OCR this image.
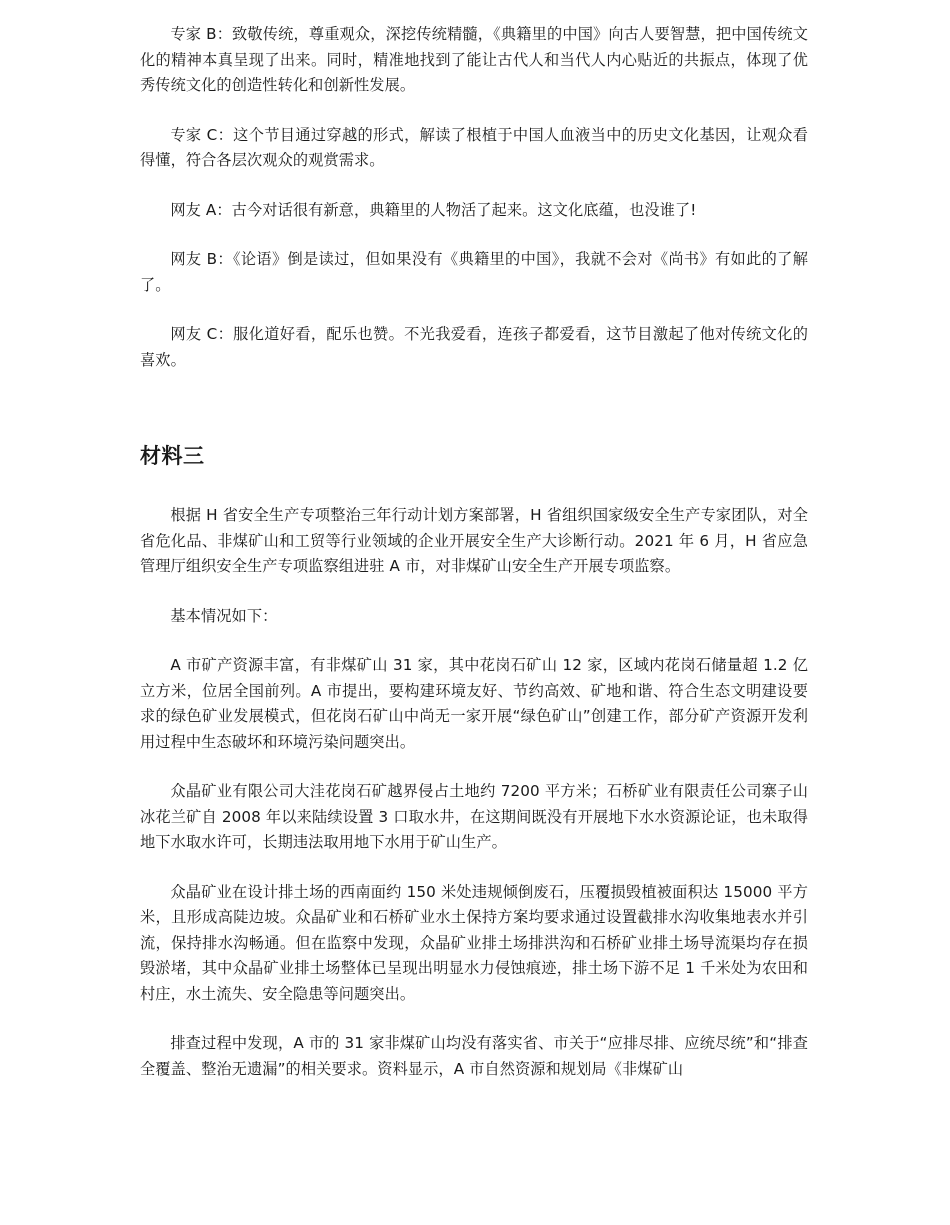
专家 B：致敬传统，尊重观众，深挖传统精髓，《典籍里的中国》向古人要智慧，把中国传统文化的精神本真呈现了出来。同时，精准地找到了能让古代人和当代人内心贴近的共振点，体现了优秀传统文化的创造性转化和创新性发展。

专家 C：这个节目通过穿越的形式，解读了根植于中国人血液当中的历史文化基因，让观众看得懂，符合各层次观众的观赏需求。

网友 A：古今对话很有新意，典籍里的人物活了起来。这文化底蕴，也没谁了!

网友 B：《论语》倒是读过，但如果没有《典籍里的中国》，我就不会对《尚书》有如此的了解了。

网友 C：服化道好看，配乐也赞。不光我爱看，连孩子都爱看，这节目激起了他对传统文化的喜欢。

材料三

根据 H 省安全生产专项整治三年行动计划方案部署，H 省组织国家级安全生产专家团队，对全省危化品、非煤矿山和工贸等行业领域的企业开展安全生产大诊断行动。2021 年 6 月，H 省应急管理厅组织安全生产专项监察组进驻 A 市，对非煤矿山安全生产开展专项监察。

基本情况如下：

A 市矿产资源丰富，有非煤矿山 31 家，其中花岗石矿山 12 家，区域内花岗石储量超 1.2 亿立方米，位居全国前列。A 市提出，要构建环境友好、节约高效、矿地和谐、符合生态文明建设要求的绿色矿业发展模式，但花岗石矿山中尚无一家开展“绿色矿山”创建工作，部分矿产资源开发利用过程中生态破坏和环境污染问题突出。

众晶矿业有限公司大洼花岗石矿越界侵占土地约 7200 平方米；石桥矿业有限责任公司寨子山冰花兰矿自 2008 年以来陆续设置 3 口取水井，在这期间既没有开展地下水水资源论证，也未取得地下水取水许可，长期违法取用地下水用于矿山生产。

众晶矿业在设计排土场的西南面约 150 米处违规倾倒废石，压覆损毁植被面积达 15000 平方米，且形成高陡边坡。众晶矿业和石桥矿业水土保持方案均要求通过设置截排水沟收集地表水并引流，保持排水沟畅通。但在监察中发现，众晶矿业排土场排洪沟和石桥矿业排土场导流渠均存在损毁淤堵，其中众晶矿业排土场整体已呈现出明显水力侵蚀痕迹，排土场下游不足 1 千米处为农田和村庄，水土流失、安全隐患等问题突出。

排查过程中发现，A 市的 31 家非煤矿山均没有落实省、市关于“应排尽排、应统尽统”和“排查全覆盖、整治无遗漏”的相关要求。资料显示，A 市自然资源和规划局《非煤矿山
